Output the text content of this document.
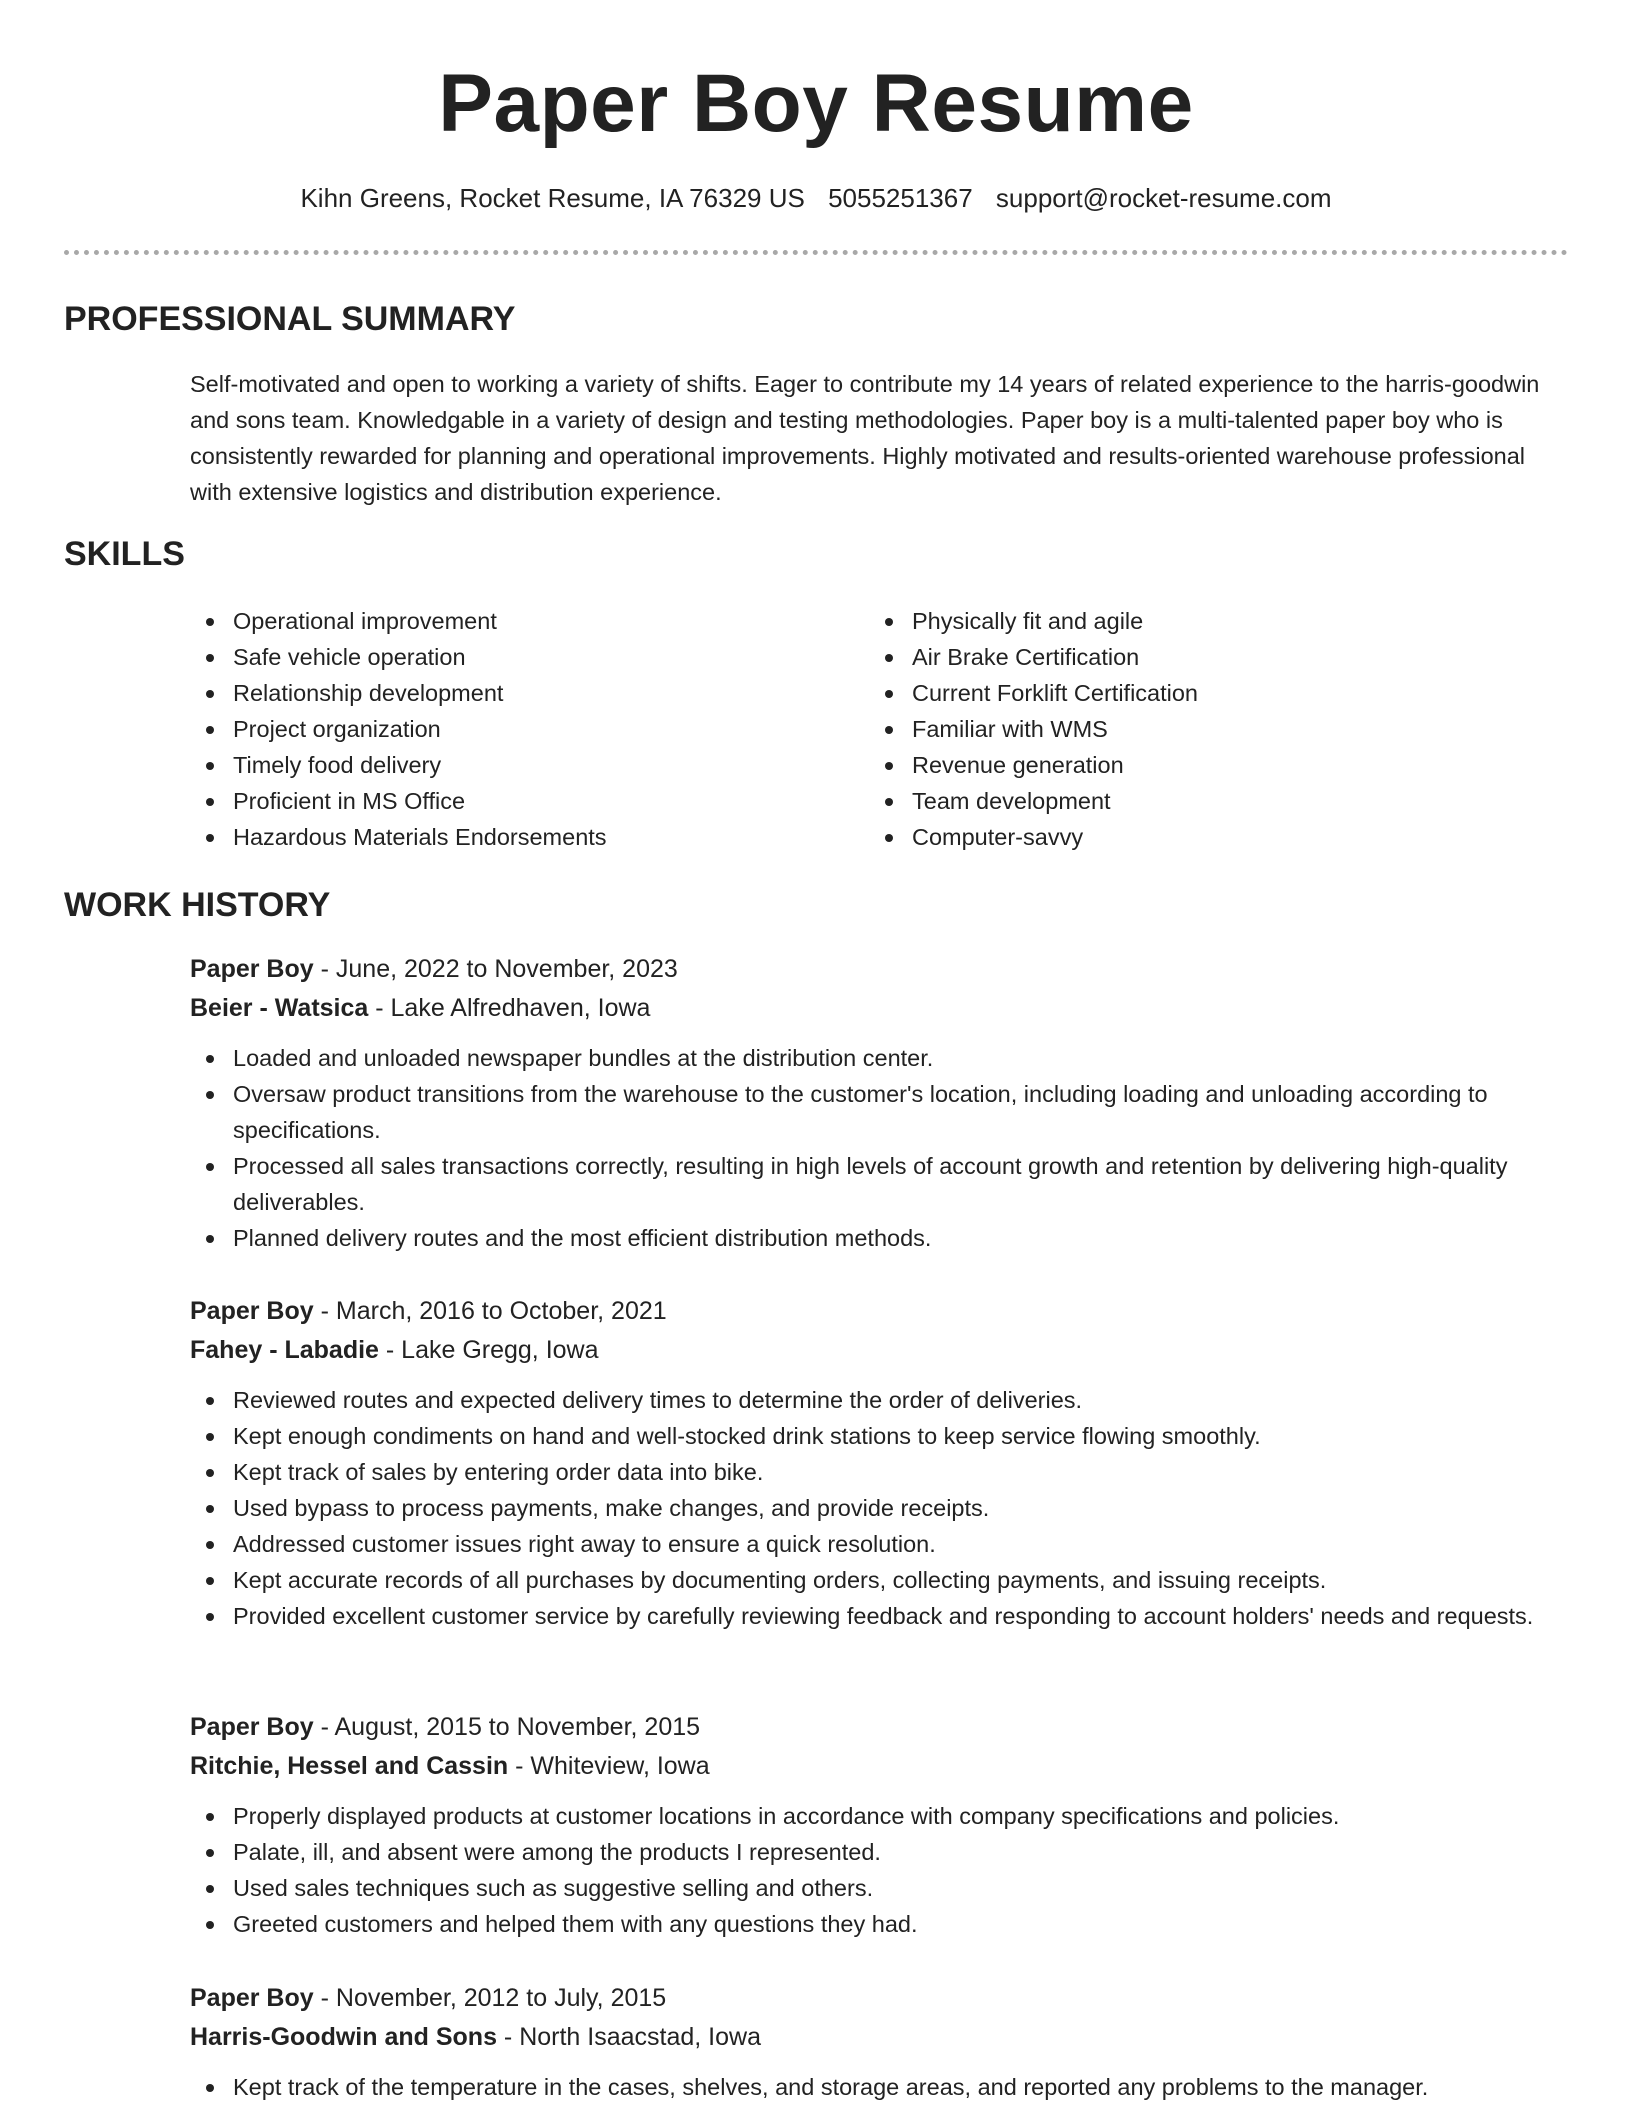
Paper Boy Resume
Kihn Greens, Rocket Resume, IA 76329 US 5055251367 support@rocket-resume.com
PROFESSIONAL SUMMARY

Self-motivated and open to working a variety of shifts. Eager to contribute my 14 years of related experience to the harris-goodwin and sons team. Knowledgable in a variety of design and testing methodologies. Paper boy is a multi-talented paper boy who is consistently rewarded for planning and operational improvements. Highly motivated and results-oriented warehouse professional with extensive logistics and distribution experience.

SKILLS
Operational improvement
Safe vehicle operation
Relationship development
Project organization
Timely food delivery
Proficient in MS Office
Hazardous Materials Endorsements
Physically fit and agile
Air Brake Certification
Current Forklift Certification
Familiar with WMS
Revenue generation
Team development
Computer-savvy
WORK HISTORY
Paper Boy - June, 2022 to November, 2023
Beier - Watsica - Lake Alfredhaven, Iowa
Loaded and unloaded newspaper bundles at the distribution center.
Oversaw product transitions from the warehouse to the customer's location, including loading and unloading according to specifications.
Processed all sales transactions correctly, resulting in high levels of account growth and retention by delivering high-quality deliverables.
Planned delivery routes and the most efficient distribution methods.
Paper Boy - March, 2016 to October, 2021
Fahey - Labadie - Lake Gregg, Iowa
Reviewed routes and expected delivery times to determine the order of deliveries.
Kept enough condiments on hand and well-stocked drink stations to keep service flowing smoothly.
Kept track of sales by entering order data into bike.
Used bypass to process payments, make changes, and provide receipts.
Addressed customer issues right away to ensure a quick resolution.
Kept accurate records of all purchases by documenting orders, collecting payments, and issuing receipts.
Provided excellent customer service by carefully reviewing feedback and responding to account holders' needs and requests.
Paper Boy - August, 2015 to November, 2015
Ritchie, Hessel and Cassin - Whiteview, Iowa
Properly displayed products at customer locations in accordance with company specifications and policies.
Palate, ill, and absent were among the products I represented.
Used sales techniques such as suggestive selling and others.
Greeted customers and helped them with any questions they had.
Paper Boy - November, 2012 to July, 2015
Harris-Goodwin and Sons - North Isaacstad, Iowa
Kept track of the temperature in the cases, shelves, and storage areas, and reported any problems to the manager.
